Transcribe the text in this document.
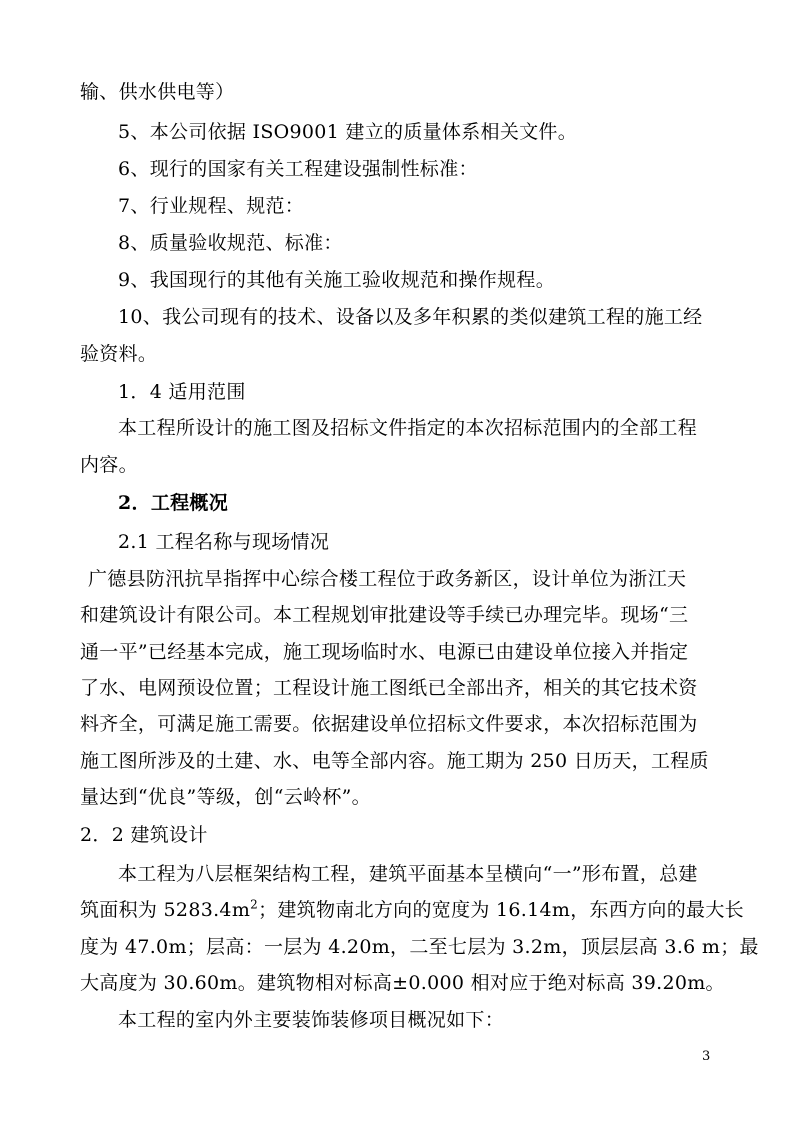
输、供水供电等）
5、本公司依据 ISO9001 建立的质量体系相关文件。
6、现行的国家有关工程建设强制性标准：
7、行业规程、规范：
8、质量验收规范、标准：
9、我国现行的其他有关施工验收规范和操作规程。
10、我公司现有的技术、设备以及多年积累的类似建筑工程的施工经
验资料。
1．4 适用范围
本工程所设计的施工图及招标文件指定的本次招标范围内的全部工程
内容。
2．工程概况
2.1 工程名称与现场情况
广德县防汛抗旱指挥中心综合楼工程位于政务新区，设计单位为浙江天
和建筑设计有限公司。本工程规划审批建设等手续已办理完毕。现场“三
通一平”已经基本完成，施工现场临时水、电源已由建设单位接入并指定
了水、电网预设位置；工程设计施工图纸已全部出齐，相关的其它技术资
料齐全，可满足施工需要。依据建设单位招标文件要求，本次招标范围为
施工图所涉及的土建、水、电等全部内容。施工期为 250 日历天，工程质
量达到“优良”等级，创“云岭杯”。
2．2 建筑设计
本工程为八层框架结构工程，建筑平面基本呈横向“一”形布置，总建
筑面积为 $5283.4m^2$；建筑物南北方向的宽度为 16.14m，东西方向的最大长
度为 47.0m；层高：一层为 4.20m，二至七层为 3.2m，顶层层高 3.6 m；最
大高度为 30.60m。建筑物相对标高±0.000 相对应于绝对标高 39.20m。
本工程的室内外主要装饰装修项目概况如下：
3
